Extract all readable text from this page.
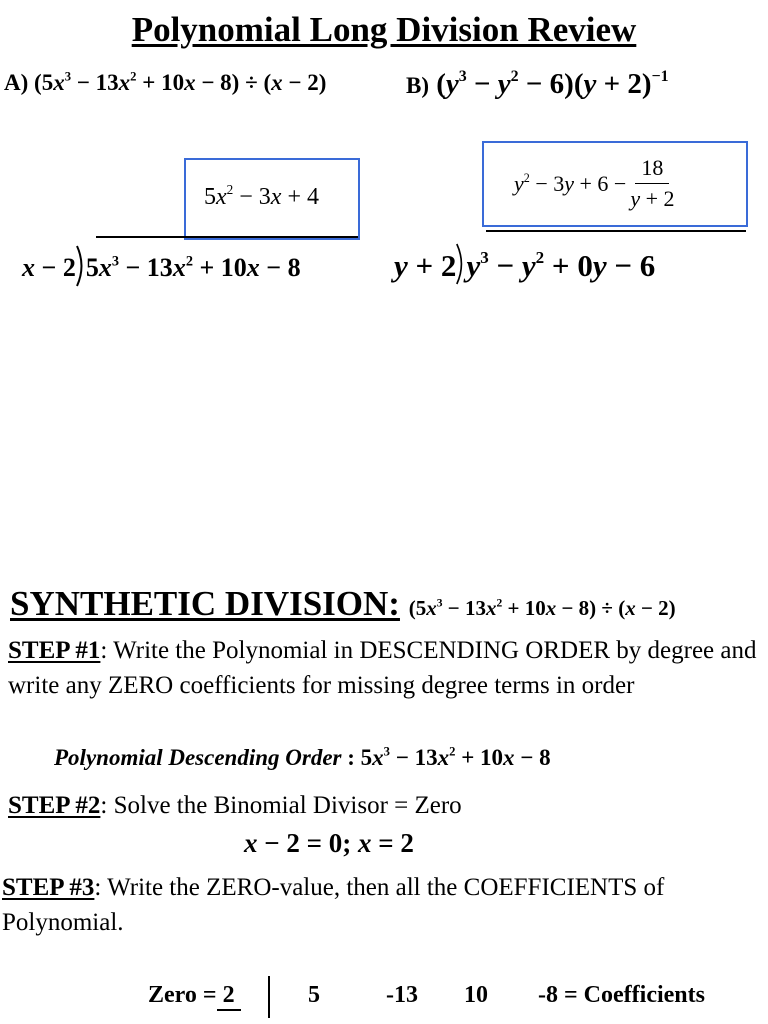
Polynomial Long Division Review
A) $(5x^3 - 13x^2 + 10x - 8) \div (x - 2)$	B) $(y^3 - y^2 - 6)(y + 2)^{-1}$
$5x^2 - 3x + 4$
$y^2 - 3y + 6 - \frac{18}{y + 2}$
x − 2 $5x^3 - 13x^2 + 10x - 8$	y + 2 $y^3 - y^2 + 0y - 6$
SYNTHETIC DIVISION: $(5x^3 - 13x^2 + 10x - 8) \div (x - 2)$
STEP #1: Write the Polynomial in DESCENDING ORDER by degree and write any ZERO coefficients for missing degree terms in order
Polynomial Descending Order : $5x^3 - 13x^2 + 10x - 8$
STEP #2: Solve the Binomial Divisor = Zero
x − 2 = 0; x = 2
STEP #3: Write the ZERO-value, then all the COEFFICIENTS of Polynomial.
Zero =2	5	-13 10 -8 = Coefficients
